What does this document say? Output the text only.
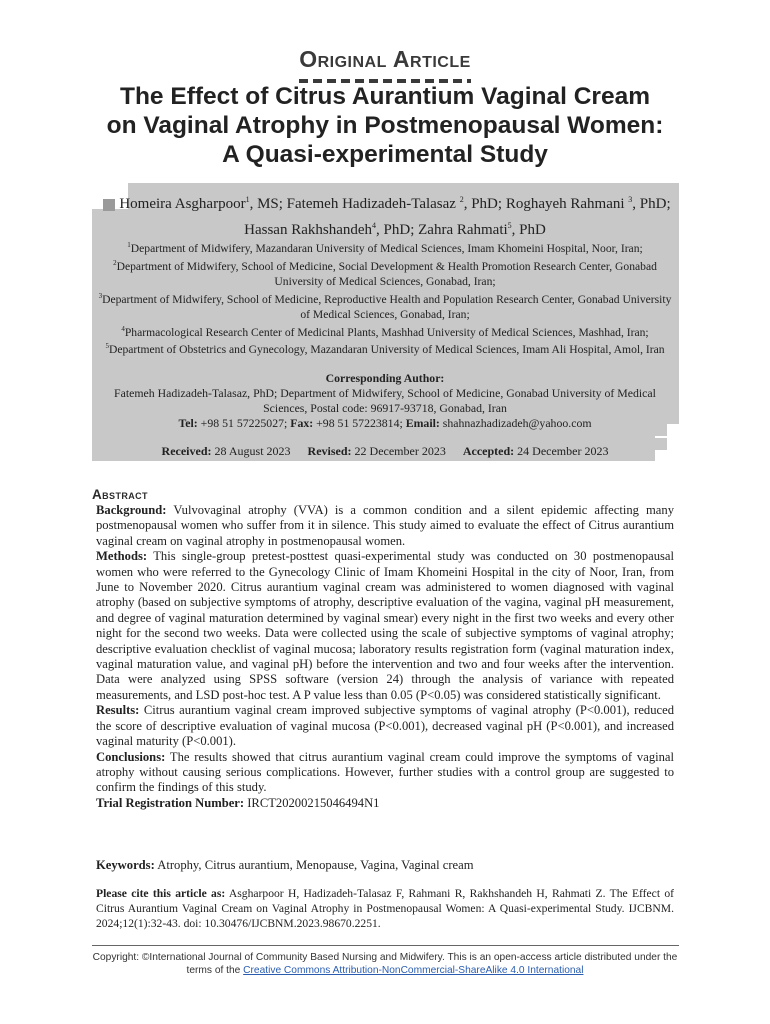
Original Article
The Effect of Citrus Aurantium Vaginal Cream
on Vaginal Atrophy in Postmenopausal Women:
A Quasi-experimental Study
Homeira Asgharpoor$^1$, MS; Fatemeh Hadizadeh-Talasaz $^2$, PhD; Roghayeh Rahmani $^3$, PhD; Hassan Rakhshandeh$^4$, PhD; Zahra Rahmati$^5$, PhD
$^1$Department of Midwifery, Mazandaran University of Medical Sciences, Imam Khomeini Hospital, Noor, Iran;
$^2$Department of Midwifery, School of Medicine, Social Development & Health Promotion Research Center, Gonabad University of Medical Sciences, Gonabad, Iran;
$^3$Department of Midwifery, School of Medicine, Reproductive Health and Population Research Center, Gonabad University of Medical Sciences, Gonabad, Iran;
$^4$Pharmacological Research Center of Medicinal Plants, Mashhad University of Medical Sciences, Mashhad, Iran;
$^5$Department of Obstetrics and Gynecology, Mazandaran University of Medical Sciences, Imam Ali Hospital, Amol, Iran
Corresponding Author:
Fatemeh Hadizadeh-Talasaz, PhD; Department of Midwifery, School of Medicine, Gonabad University of Medical Sciences, Postal code: 96917-93718, Gonabad, Iran
Tel: +98 51 57225027; Fax: +98 51 57223814; Email: shahnazhadizadeh@yahoo.com
Received: 28 August 2023 Revised: 22 December 2023 Accepted: 24 December 2023
Abstract

Background: Vulvovaginal atrophy (VVA) is a common condition and a silent epidemic affecting many postmenopausal women who suffer from it in silence. This study aimed to evaluate the effect of Citrus aurantium vaginal cream on vaginal atrophy in postmenopausal women.

Methods: This single-group pretest-posttest quasi-experimental study was conducted on 30 postmenopausal women who were referred to the Gynecology Clinic of Imam Khomeini Hospital in the city of Noor, Iran, from June to November 2020. Citrus aurantium vaginal cream was administered to women diagnosed with vaginal atrophy (based on subjective symptoms of atrophy, descriptive evaluation of the vagina, vaginal pH measurement, and degree of vaginal maturation determined by vaginal smear) every night in the first two weeks and every other night for the second two weeks. Data were collected using the scale of subjective symptoms of vaginal atrophy; descriptive evaluation checklist of vaginal mucosa; laboratory results registration form (vaginal maturation index, vaginal maturation value, and vaginal pH) before the intervention and two and four weeks after the intervention. Data were analyzed using SPSS software (version 24) through the analysis of variance with repeated measurements, and LSD post-hoc test. A P value less than 0.05 (P<0.05) was considered statistically significant.

Results: Citrus aurantium vaginal cream improved subjective symptoms of vaginal atrophy (P<0.001), reduced the score of descriptive evaluation of vaginal mucosa (P<0.001), decreased vaginal pH (P<0.001), and increased vaginal maturity (P<0.001).

Conclusions: The results showed that citrus aurantium vaginal cream could improve the symptoms of vaginal atrophy without causing serious complications. However, further studies with a control group are suggested to confirm the findings of this study.

Trial Registration Number: IRCT20200215046494N1

Keywords: Atrophy, Citrus aurantium, Menopause, Vagina, Vaginal cream
Please cite this article as: Asgharpoor H, Hadizadeh-Talasaz F, Rahmani R, Rakhshandeh H, Rahmati Z. The Effect of Citrus Aurantium Vaginal Cream on Vaginal Atrophy in Postmenopausal Women: A Quasi-experimental Study. IJCBNM. 2024;12(1):32-43. doi: 10.30476/IJCBNM.2023.98670.2251.
Copyright: ©International Journal of Community Based Nursing and Midwifery. This is an open-access article distributed under the terms of the Creative Commons Attribution-NonCommercial-ShareAlike 4.0 International
